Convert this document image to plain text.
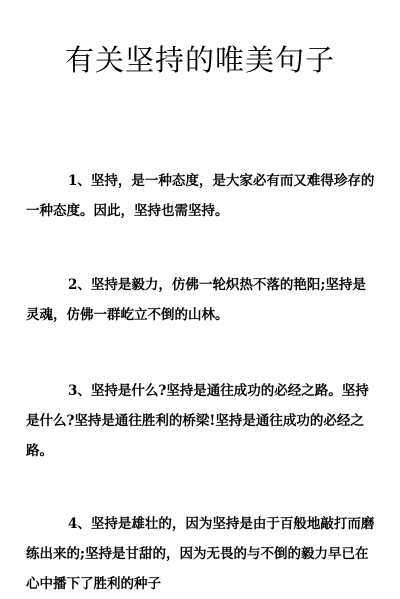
有关坚持的唯美句子

1、坚持，是一种态度，是大家必有而又难得珍存的一种态度。因此，坚持也需坚持。

2、坚持是毅力，仿佛一轮炽热不落的艳阳;坚持是灵魂，仿佛一群屹立不倒的山林。

3、坚持是什么?坚持是通往成功的必经之路。坚持是什么?坚持是通往胜利的桥梁!坚持是通往成功的必经之路。

4、坚持是雄壮的，因为坚持是由于百般地敲打而磨练出来的;坚持是甘甜的，因为无畏的与不倒的毅力早已在心中播下了胜利的种子
